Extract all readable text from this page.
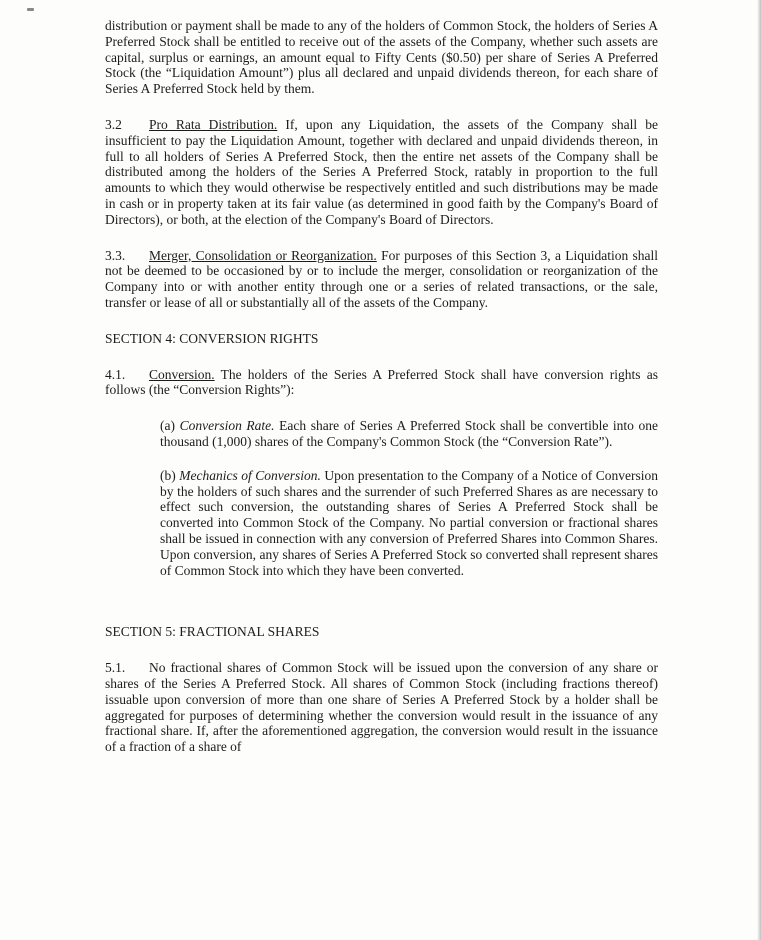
distribution or payment shall be made to any of the holders of Common Stock, the holders of Series A Preferred Stock shall be entitled to receive out of the assets of the Company, whether such assets are capital, surplus or earnings, an amount equal to Fifty Cents ($0.50) per share of Series A Preferred Stock (the “Liquidation Amount”) plus all declared and unpaid dividends thereon, for each share of Series A Preferred Stock held by them.

3.2 Pro Rata Distribution. If, upon any Liquidation, the assets of the Company shall be insufficient to pay the Liquidation Amount, together with declared and unpaid dividends thereon, in full to all holders of Series A Preferred Stock, then the entire net assets of the Company shall be distributed among the holders of the Series A Preferred Stock, ratably in proportion to the full amounts to which they would otherwise be respectively entitled and such distributions may be made in cash or in property taken at its fair value (as determined in good faith by the Company's Board of Directors), or both, at the election of the Company's Board of Directors.

3.3. Merger, Consolidation or Reorganization. For purposes of this Section 3, a Liquidation shall not be deemed to be occasioned by or to include the merger, consolidation or reorganization of the Company into or with another entity through one or a series of related transactions, or the sale, transfer or lease of all or substantially all of the assets of the Company.

SECTION 4: CONVERSION RIGHTS

4.1. Conversion. The holders of the Series A Preferred Stock shall have conversion rights as follows (the “Conversion Rights”):

(a) Conversion Rate. Each share of Series A Preferred Stock shall be convertible into one thousand (1,000) shares of the Company's Common Stock (the “Conversion Rate”).

(b) Mechanics of Conversion. Upon presentation to the Company of a Notice of Conversion by the holders of such shares and the surrender of such Preferred Shares as are necessary to effect such conversion, the outstanding shares of Series A Preferred Stock shall be converted into Common Stock of the Company. No partial conversion or fractional shares shall be issued in connection with any conversion of Preferred Shares into Common Shares. Upon conversion, any shares of Series A Preferred Stock so converted shall represent shares of Common Stock into which they have been converted.

SECTION 5: FRACTIONAL SHARES

5.1. No fractional shares of Common Stock will be issued upon the conversion of any share or shares of the Series A Preferred Stock. All shares of Common Stock (including fractions thereof) issuable upon conversion of more than one share of Series A Preferred Stock by a holder shall be aggregated for purposes of determining whether the conversion would result in the issuance of any fractional share. If, after the aforementioned aggregation, the conversion would result in the issuance of a fraction of a share of
